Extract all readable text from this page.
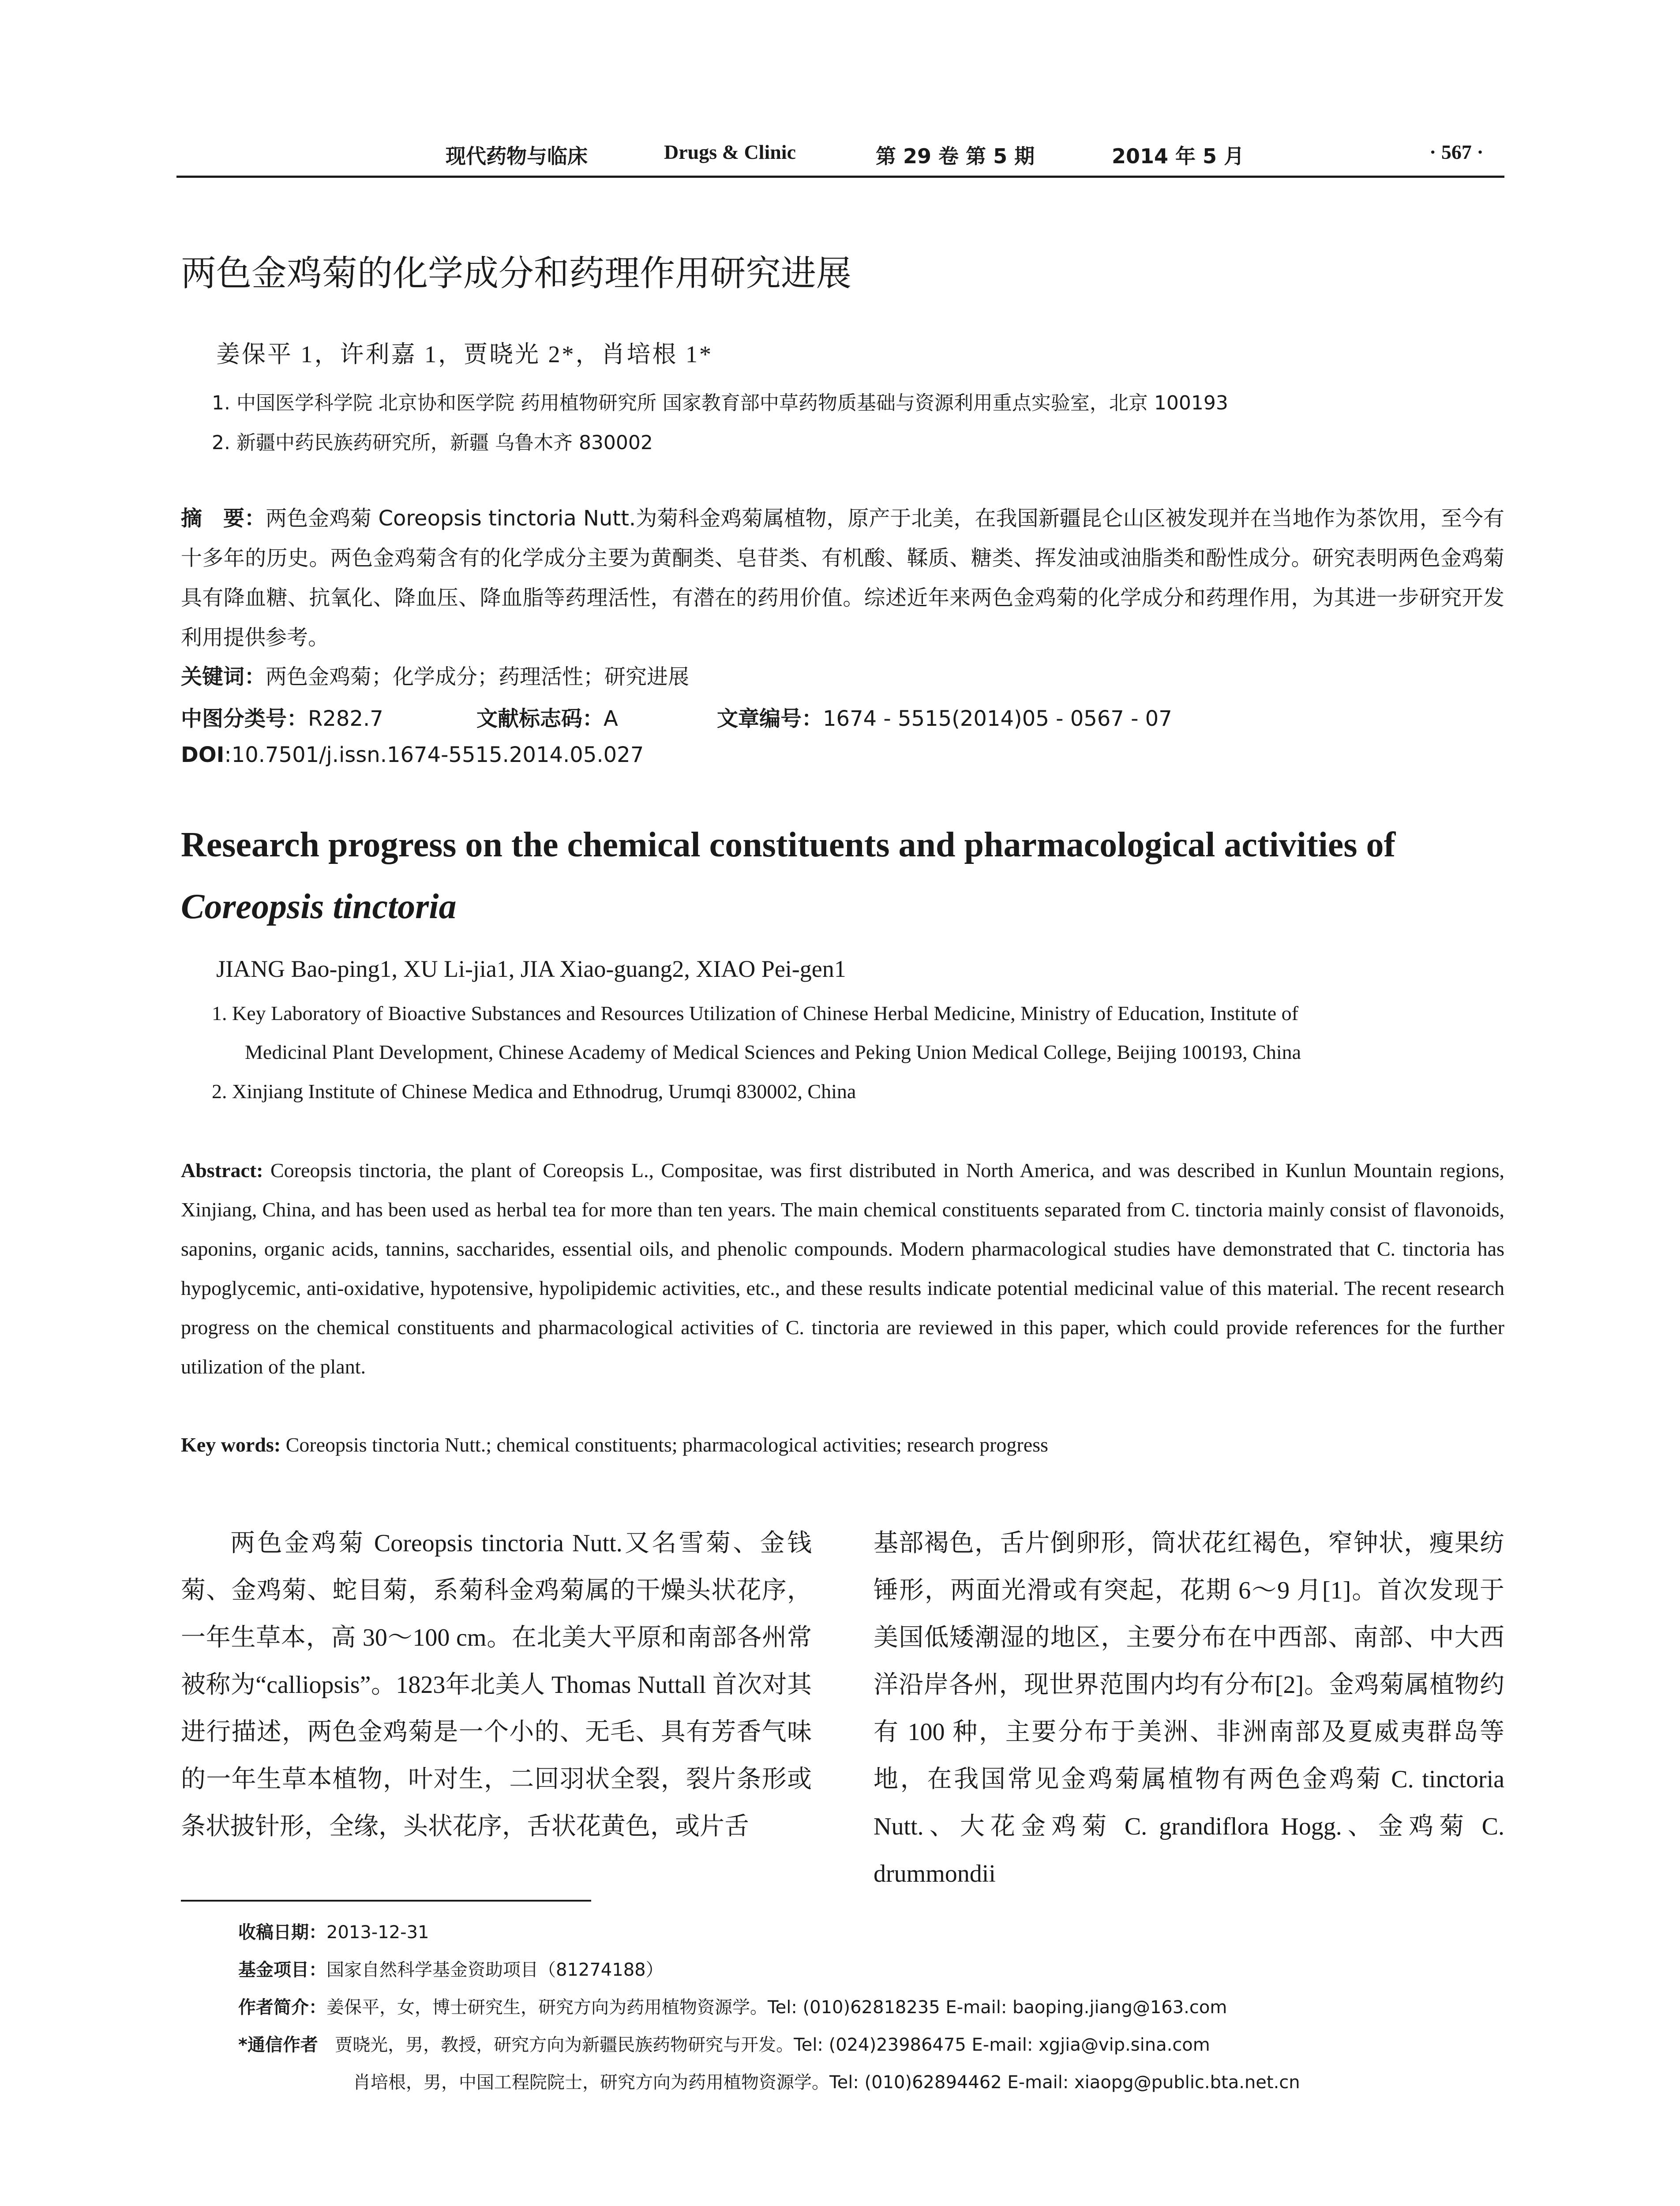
现代药物与临床	Drugs & Clinic	第 29 卷 第 5 期	2014 年 5 月	· 567 ·
两色金鸡菊的化学成分和药理作用研究进展
姜保平 1，许利嘉 1，贾晓光 2*，肖培根 1*
1. 中国医学科学院 北京协和医学院 药用植物研究所 国家教育部中草药物质基础与资源利用重点实验室，北京 100193
2. 新疆中药民族药研究所，新疆 乌鲁木齐 830002
摘　要：两色金鸡菊 Coreopsis tinctoria Nutt.为菊科金鸡菊属植物，原产于北美，在我国新疆昆仑山区被发现并在当地作为茶饮用，至今有十多年的历史。两色金鸡菊含有的化学成分主要为黄酮类、皂苷类、有机酸、鞣质、糖类、挥发油或油脂类和酚性成分。研究表明两色金鸡菊具有降血糖、抗氧化、降血压、降血脂等药理活性，有潜在的药用价值。综述近年来两色金鸡菊的化学成分和药理作用，为其进一步研究开发利用提供参考。
关键词：两色金鸡菊；化学成分；药理活性；研究进展
中图分类号：R282.7	文献标志码：A	文章编号：1674 - 5515(2014)05 - 0567 - 07
DOI:10.7501/j.issn.1674-5515.2014.05.027
Research progress on the chemical constituents and pharmacological activities of
Coreopsis tinctoria
JIANG Bao-ping1, XU Li-jia1, JIA Xiao-guang2, XIAO Pei-gen1
1. Key Laboratory of Bioactive Substances and Resources Utilization of Chinese Herbal Medicine, Ministry of Education, Institute of
Medicinal Plant Development, Chinese Academy of Medical Sciences and Peking Union Medical College, Beijing 100193, China
2. Xinjiang Institute of Chinese Medica and Ethnodrug, Urumqi 830002, China
Abstract: Coreopsis tinctoria, the plant of Coreopsis L., Compositae, was first distributed in North America, and was described in Kunlun Mountain regions, Xinjiang, China, and has been used as herbal tea for more than ten years. The main chemical constituents separated from C. tinctoria mainly consist of flavonoids, saponins, organic acids, tannins, saccharides, essential oils, and phenolic compounds. Modern pharmacological studies have demonstrated that C. tinctoria has hypoglycemic, anti-oxidative, hypotensive, hypolipidemic activities, etc., and these results indicate potential medicinal value of this material. The recent research progress on the chemical constituents and pharmacological activities of C. tinctoria are reviewed in this paper, which could provide references for the further utilization of the plant.
Key words: Coreopsis tinctoria Nutt.; chemical constituents; pharmacological activities; research progress

两色金鸡菊 Coreopsis tinctoria Nutt.又名雪菊、金钱菊、金鸡菊、蛇目菊，系菊科金鸡菊属的干燥头状花序，一年生草本，高 30～100 cm。在北美大平原和南部各州常被称为“calliopsis”。1823年北美人 Thomas Nuttall 首次对其进行描述，两色金鸡菊是一个小的、无毛、具有芳香气味的一年生草本植物，叶对生，二回羽状全裂，裂片条形或条状披针形，全缘，头状花序，舌状花黄色，或片舌

基部褐色，舌片倒卵形，筒状花红褐色，窄钟状，瘦果纺锤形，两面光滑或有突起，花期 6～9 月[1]。首次发现于美国低矮潮湿的地区，主要分布在中西部、南部、中大西洋沿岸各州，现世界范围内均有分布[2]。金鸡菊属植物约有 100 种，主要分布于美洲、非洲南部及夏威夷群岛等地，在我国常见金鸡菊属植物有两色金鸡菊 C. tinctoria Nutt.、大花金鸡菊 C. grandiflora Hogg.、金鸡菊 C. drummondii

收稿日期：2013-12-31
基金项目：国家自然科学基金资助项目（81274188）
作者简介：姜保平，女，博士研究生，研究方向为药用植物资源学。Tel: (010)62818235 E-mail: baoping.jiang@163.com
*通信作者 贾晓光，男，教授，研究方向为新疆民族药物研究与开发。Tel: (024)23986475 E-mail: xgjia@vip.sina.com
肖培根，男，中国工程院院士，研究方向为药用植物资源学。Tel: (010)62894462 E-mail: xiaopg@public.bta.net.cn
